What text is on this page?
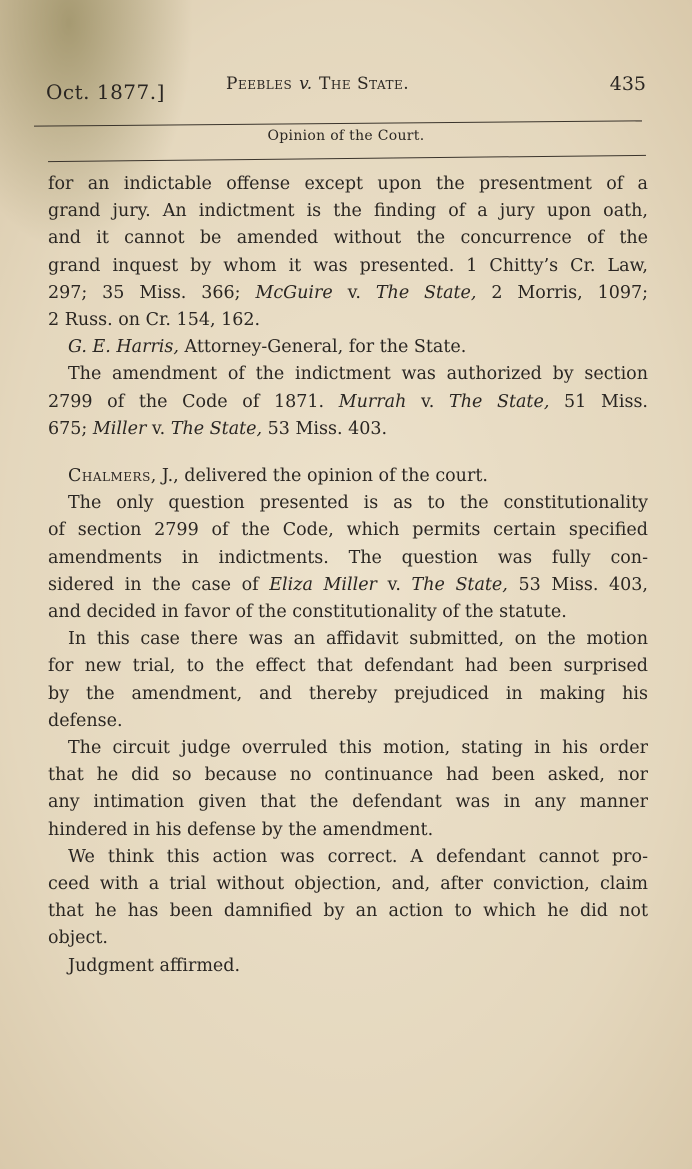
Oct. 1877.]	Peebles v. The State.	435
Opinion of the Court.
for an indictable offense except upon the presentment of a
grand jury. An indictment is the finding of a jury upon oath,
and it cannot be amended without the concurrence of the
grand inquest by whom it was presented. 1 Chitty’s Cr. Law,
297; 35 Miss. 366; McGuire v. The State, 2 Morris, 1097;
2 Russ. on Cr. 154, 162.
G. E. Harris, Attorney-General, for the State.
The amendment of the indictment was authorized by section
2799 of the Code of 1871. Murrah v. The State, 51 Miss.
675; Miller v. The State, 53 Miss. 403.
Chalmers, J., delivered the opinion of the court.
The only question presented is as to the constitutionality
of section 2799 of the Code, which permits certain specified
amendments in indictments. The question was fully con-
sidered in the case of Eliza Miller v. The State, 53 Miss. 403,
and decided in favor of the constitutionality of the statute.
In this case there was an affidavit submitted, on the motion
for new trial, to the effect that defendant had been surprised
by the amendment, and thereby prejudiced in making his
defense.
The circuit judge overruled this motion, stating in his order
that he did so because no continuance had been asked, nor
any intimation given that the defendant was in any manner
hindered in his defense by the amendment.
We think this action was correct. A defendant cannot pro-
ceed with a trial without objection, and, after conviction, claim
that he has been damnified by an action to which he did not
object.
Judgment affirmed.
